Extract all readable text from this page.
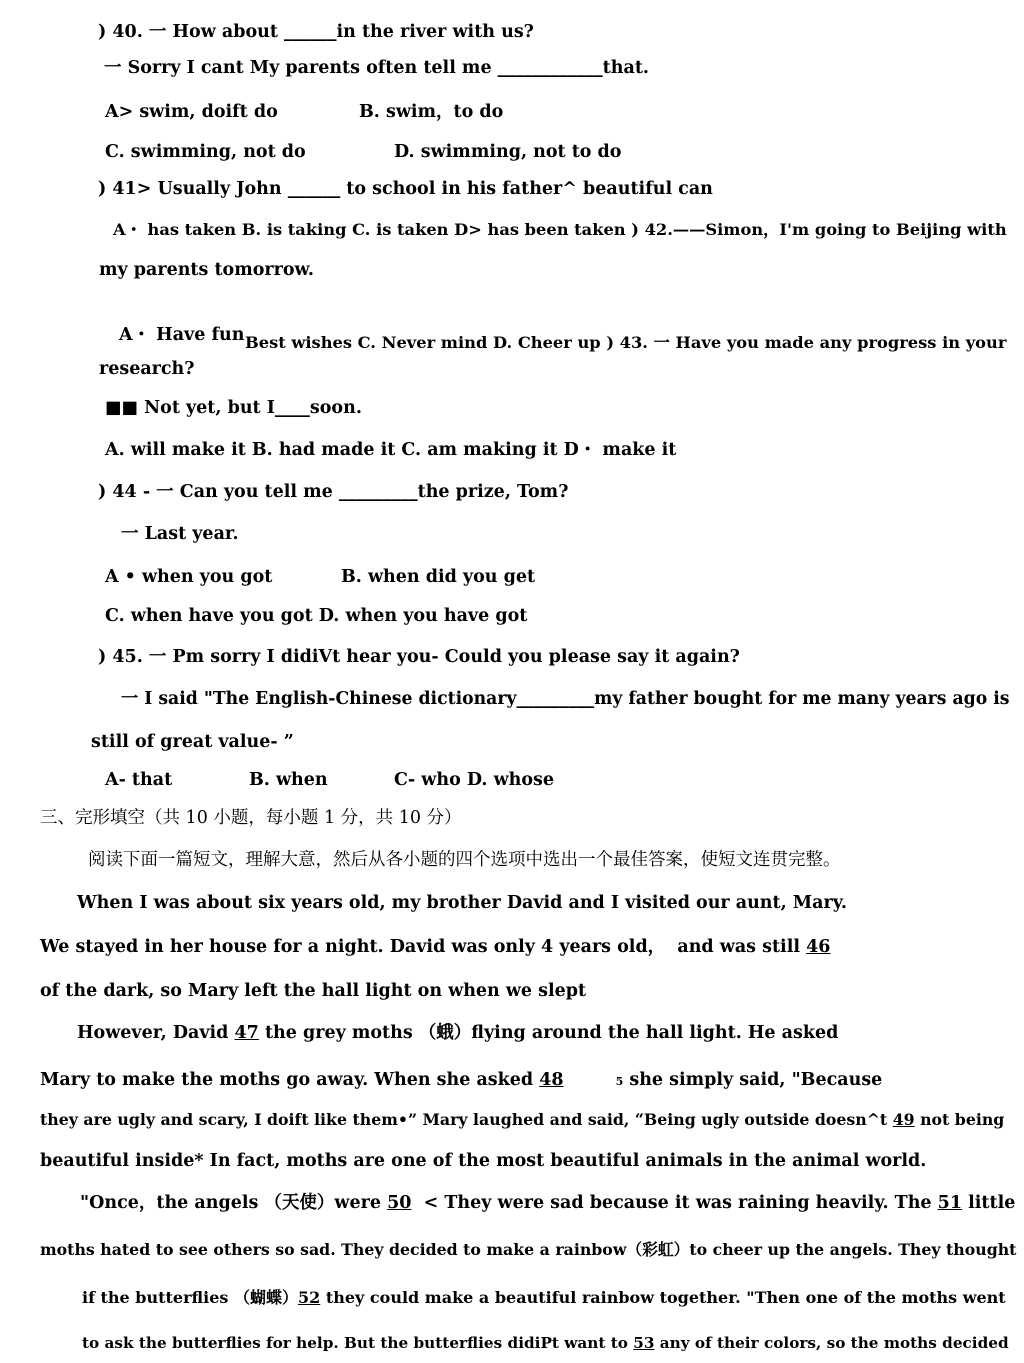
) 40. 一 How about ______in the river with us?
一 Sorry I cant My parents often tell me ____________that.
A> swim, doift do	B. swim，to do
C. swimming, not do	D. swimming, not to do
) 41> Usually John ______ to school in his father^ beautiful can
A・ has taken B. is taking C. is taken D> has been taken ) 42.——Simon，I'm going to Beijing with
my parents tomorrow.
A・ Have fun Best wishes C. Never mind D. Cheer up ) 43. 一 Have you made any progress in your
research?
■■ Not yet, but I____soon.
A. will make it B. had made it C. am making it D・ make it
) 44 - 一 Can you tell me _________the prize, Tom?
一 Last year.
A • when you got	B. when did you get
C. when have you got D. when you have got
) 45. 一 Pm sorry I didiVt hear you- Could you please say it again?
一 I said "The English-Chinese dictionary_________my father bought for me many years ago is
still of great value- ”
A- that	B. when	C- who D. whose
三、完形填空（共 10 小题，每小题 1 分，共 10 分）
阅读下面一篇短文，理解大意，然后从各小题的四个选项中选出一个最佳答案，使短文连贯完整。
When I was about six years old, my brother David and I visited our aunt, Mary.
We stayed in her house for a night. David was only 4 years old，  and was still 46
of the dark, so Mary left the hall light on when we slept
However, David 47 the grey moths （蛾）flying around the hall light. He asked
Mary to make the moths go away. When she asked 48	5 she simply said, "Because
they are ugly and scary, I doift like them•” Mary laughed and said, “Being ugly outside doesn^t 49 not being
beautiful inside* In fact, moths are one of the most beautiful animals in the animal world.
"Once，the angels （天使）were 50  < They were sad because it was raining heavily. The 51 little
moths hated to see others so sad. They decided to make a rainbow（彩虹）to cheer up the angels. They thought
if the butterflies （蝴蝶）52 they could make a beautiful rainbow together. "Then one of the moths went
to ask the butterflies for help. But the butterflies didiPt want to 53 any of their colors, so the moths decided
